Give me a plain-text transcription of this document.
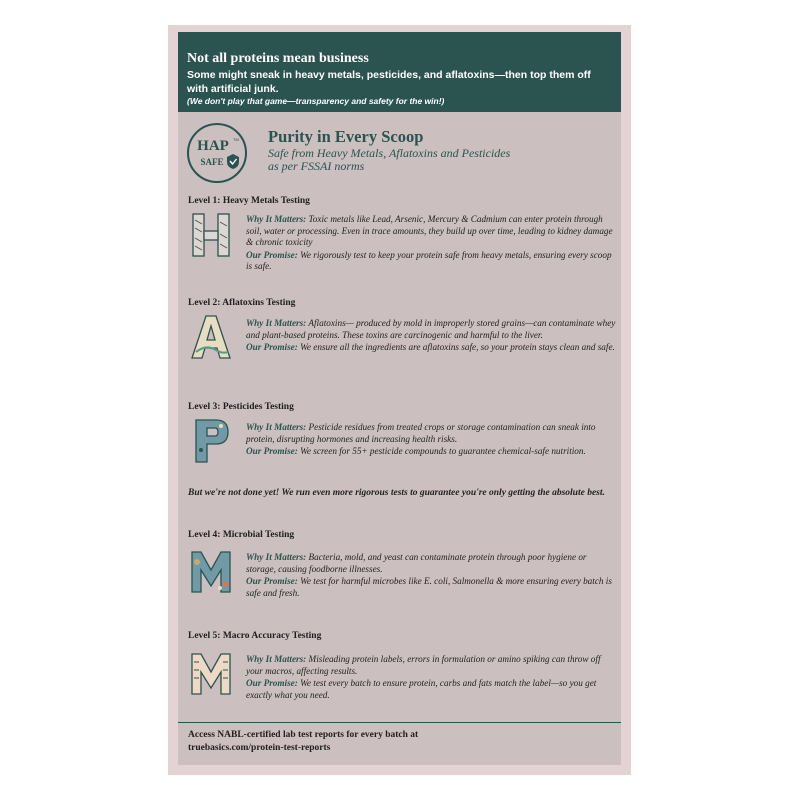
Not all proteins mean business
Some might sneak in heavy metals, pesticides, and aflatoxins—then top them off with artificial junk.
(We don't play that game—transparency and safety for the win!)
HAP TM
SAFE
Purity in Every Scoop
Safe from Heavy Metals, Aflatoxins and Pesticides
as per FSSAI norms
Level 1: Heavy Metals Testing
Why It Matters: Toxic metals like Lead, Arsenic, Mercury & Cadmium can enter protein through soil, water or processing. Even in trace amounts, they build up over time, leading to kidney damage & chronic toxicity
Our Promise: We rigorously test to keep your protein safe from heavy metals, ensuring every scoop is safe.
Level 2: Aflatoxins Testing
Why It Matters: Aflatoxins— produced by mold in improperly stored grains—can contaminate whey and plant-based proteins. These toxins are carcinogenic and harmful to the liver.
Our Promise: We ensure all the ingredients are aflatoxins safe, so your protein stays clean and safe.
Level 3: Pesticides Testing
Why It Matters: Pesticide residues from treated crops or storage contamination can sneak into protein, disrupting hormones and increasing health risks.
Our Promise: We screen for 55+ pesticide compounds to guarantee chemical-safe nutrition.
But we're not done yet! We run even more rigorous tests to guarantee you're only getting the absolute best.
Level 4: Microbial Testing
Why It Matters: Bacteria, mold, and yeast can contaminate protein through poor hygiene or storage, causing foodborne illnesses.
Our Promise: We test for harmful microbes like E. coli, Salmonella & more ensuring every batch is safe and fresh.
Level 5: Macro Accuracy Testing
Why It Matters: Misleading protein labels, errors in formulation or amino spiking can throw off your macros, affecting results.
Our Promise: We test every batch to ensure protein, carbs and fats match the label—so you get exactly what you need.
Access NABL-certified lab test reports for every batch at
truebasics.com/protein-test-reports
